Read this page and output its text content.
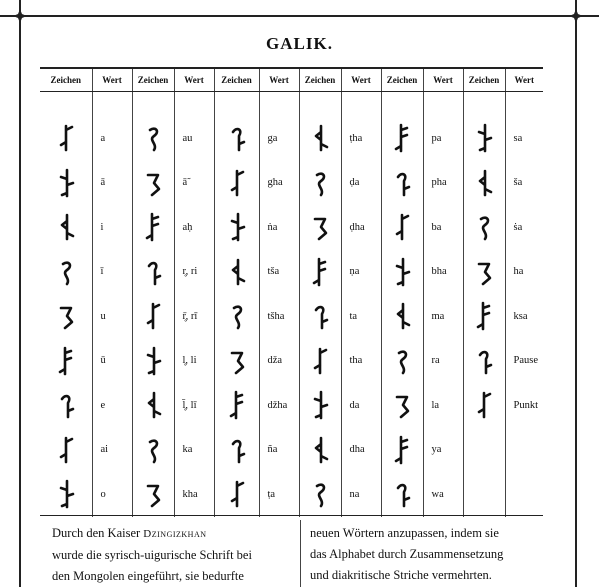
GALIK.
Zeichen	Wert	Zeichen	Wert	Zeichen	Wert	Zeichen	Wert	Zeichen	Wert	Zeichen	Wert

	a		au		ga		ṭha		pa		sa
	ā		ā̃		gha		ḍa		pha		ša
	i		aḥ		ṅa		ḍha		ba		ṡa
	ī		r̥, ri		tša		ṇa		bha		ha
	u		r̥̄, rī		tšha		ta		ma		ksa
	ū		l̥, li		dža		tha		ra		Pause
	e		l̥̄, lī		džha		da		la		Punkt
	ai		ka		ña		dha		ya		
	o		kha		ṭa		na		wa		

Durch den Kaiser Dzingizkhan

wurde die syrisch-uigurische Schrift bei

den Mongolen eingeführt, sie bedurfte

neuen Wörtern anzupassen, indem sie

das Alphabet durch Zusammensetzung

und diakritische Striche vermehrten.
